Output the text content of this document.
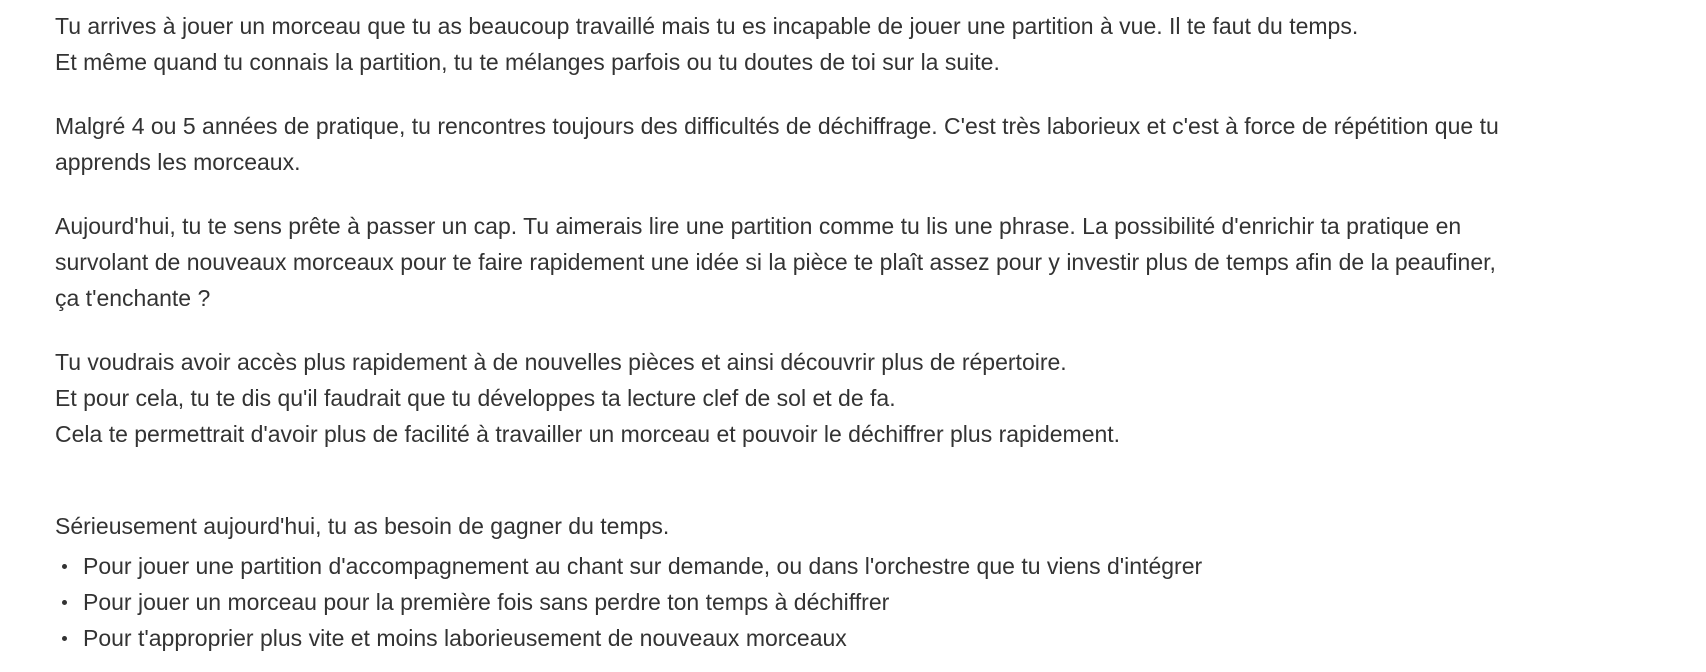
Tu arrives à jouer un morceau que tu as beaucoup travaillé mais tu es incapable de jouer une partition à vue. Il te faut du temps.
Et même quand tu connais la partition, tu te mélanges parfois ou tu doutes de toi sur la suite.

Malgré 4 ou 5 années de pratique, tu rencontres toujours des difficultés de déchiffrage. C'est très laborieux et c'est à force de répétition que tu
apprends les morceaux.

Aujourd'hui, tu te sens prête à passer un cap. Tu aimerais lire une partition comme tu lis une phrase. La possibilité d'enrichir ta pratique en
survolant de nouveaux morceaux pour te faire rapidement une idée si la pièce te plaît assez pour y investir plus de temps afin de la peaufiner,
ça t'enchante ?

Tu voudrais avoir accès plus rapidement à de nouvelles pièces et ainsi découvrir plus de répertoire.
Et pour cela, tu te dis qu'il faudrait que tu développes ta lecture clef de sol et de fa.
Cela te permettrait d'avoir plus de facilité à travailler un morceau et pouvoir le déchiffrer plus rapidement.

Sérieusement aujourd'hui, tu as besoin de gagner du temps.

Pour jouer une partition d'accompagnement au chant sur demande, ou dans l'orchestre que tu viens d'intégrer
Pour jouer un morceau pour la première fois sans perdre ton temps à déchiffrer
Pour t'approprier plus vite et moins laborieusement de nouveaux morceaux
